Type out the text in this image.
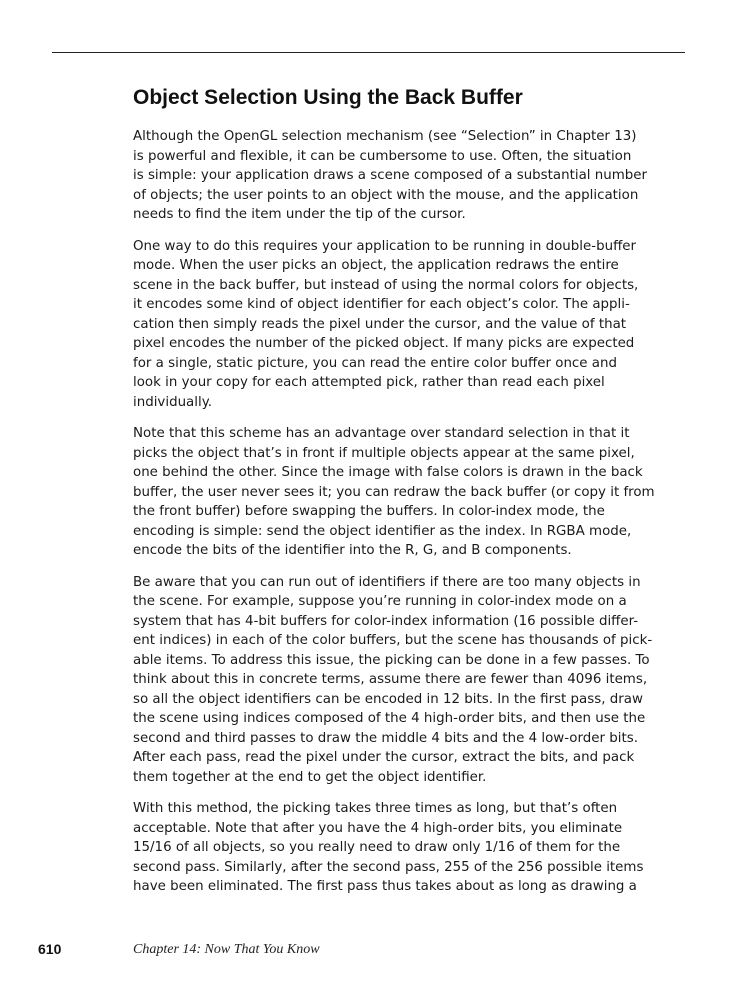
Object Selection Using the Back Buffer

Although the OpenGL selection mechanism (see “Selection” in Chapter 13)
is powerful and flexible, it can be cumbersome to use. Often, the situation
is simple: your application draws a scene composed of a substantial number
of objects; the user points to an object with the mouse, and the application
needs to find the item under the tip of the cursor.

One way to do this requires your application to be running in double-buffer
mode. When the user picks an object, the application redraws the entire
scene in the back buffer, but instead of using the normal colors for objects,
it encodes some kind of object identifier for each object’s color. The appli-
cation then simply reads the pixel under the cursor, and the value of that
pixel encodes the number of the picked object. If many picks are expected
for a single, static picture, you can read the entire color buffer once and
look in your copy for each attempted pick, rather than read each pixel
individually.

Note that this scheme has an advantage over standard selection in that it
picks the object that’s in front if multiple objects appear at the same pixel,
one behind the other. Since the image with false colors is drawn in the back
buffer, the user never sees it; you can redraw the back buffer (or copy it from
the front buffer) before swapping the buffers. In color-index mode, the
encoding is simple: send the object identifier as the index. In RGBA mode,
encode the bits of the identifier into the R, G, and B components.

Be aware that you can run out of identifiers if there are too many objects in
the scene. For example, suppose you’re running in color-index mode on a
system that has 4-bit buffers for color-index information (16 possible differ-
ent indices) in each of the color buffers, but the scene has thousands of pick-
able items. To address this issue, the picking can be done in a few passes. To
think about this in concrete terms, assume there are fewer than 4096 items,
so all the object identifiers can be encoded in 12 bits. In the first pass, draw
the scene using indices composed of the 4 high-order bits, and then use the
second and third passes to draw the middle 4 bits and the 4 low-order bits.
After each pass, read the pixel under the cursor, extract the bits, and pack
them together at the end to get the object identifier.

With this method, the picking takes three times as long, but that’s often
acceptable. Note that after you have the 4 high-order bits, you eliminate
15/16 of all objects, so you really need to draw only 1/16 of them for the
second pass. Similarly, after the second pass, 255 of the 256 possible items
have been eliminated. The first pass thus takes about as long as drawing a

610	Chapter 14: Now That You Know
